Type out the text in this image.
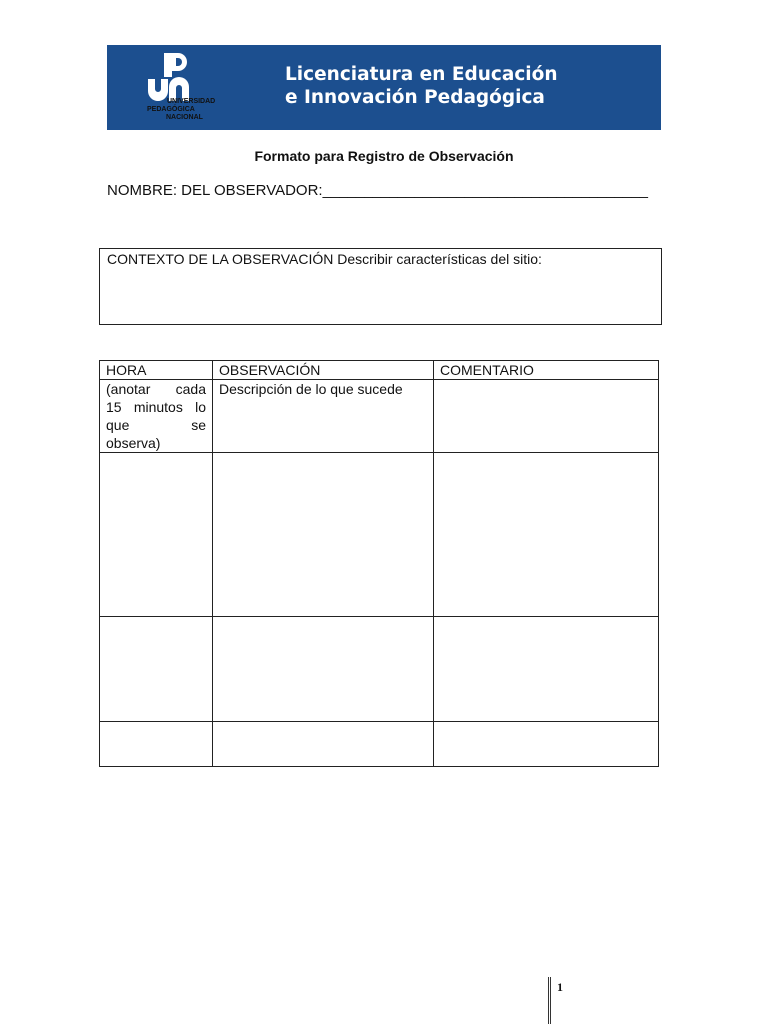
UNIVERSIDAD
PEDAGÓGICA
NACIONAL
Licenciatura en Educación
e Innovación Pedagógica
Formato para Registro de Observación
NOMBRE: DEL OBSERVADOR:_______________________________________
CONTEXTO DE LA OBSERVACIÓN Describir características del sitio:
HORA	OBSERVACIÓN	COMENTARIO

(anotar cada
15 minutos lo
que se
observa)	Descripción de lo que sucede	

1
